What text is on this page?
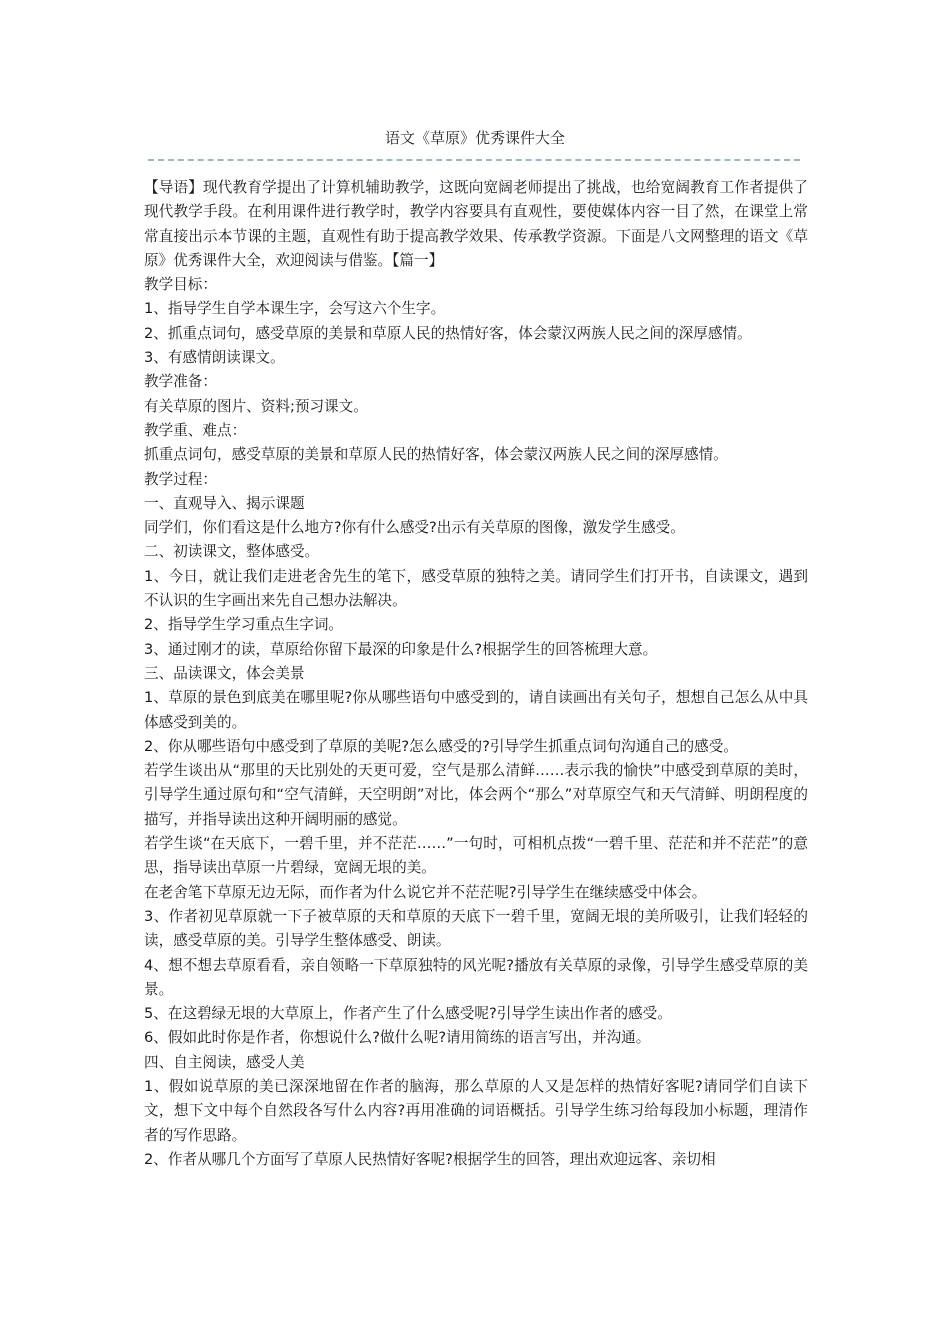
语文《草原》优秀课件大全

【导语】现代教育学提出了计算机辅助教学，这既向宽阔老师提出了挑战，也给宽阔教育工作者提供了现代教学手段。在利用课件进行教学时，教学内容要具有直观性，要使媒体内容一目了然，在课堂上常常直接出示本节课的主题，直观性有助于提高教学效果、传承教学资源。下面是八文网整理的语文《草原》优秀课件大全，欢迎阅读与借鉴。【篇一】

教学目标：

1、指导学生自学本课生字，会写这六个生字。

2、抓重点词句，感受草原的美景和草原人民的热情好客，体会蒙汉两族人民之间的深厚感情。

3、有感情朗读课文。

教学准备：

有关草原的图片、资料;预习课文。

教学重、难点：

抓重点词句，感受草原的美景和草原人民的热情好客，体会蒙汉两族人民之间的深厚感情。

教学过程：

一、直观导入、揭示课题

同学们，你们看这是什么地方?你有什么感受?出示有关草原的图像，激发学生感受。

二、初读课文，整体感受。

1、今日，就让我们走进老舍先生的笔下，感受草原的独特之美。请同学生们打开书，自读课文，遇到不认识的生字画出来先自己想办法解决。

2、指导学生学习重点生字词。

3、通过刚才的读，草原给你留下最深的印象是什么?根据学生的回答梳理大意。

三、品读课文，体会美景

1、草原的景色到底美在哪里呢?你从哪些语句中感受到的，请自读画出有关句子，想想自己怎么从中具体感受到美的。

2、你从哪些语句中感受到了草原的美呢?怎么感受的?引导学生抓重点词句沟通自己的感受。

若学生谈出从“那里的天比别处的天更可爱，空气是那么清鲜……表示我的愉快”中感受到草原的美时，引导学生通过原句和“空气清鲜，天空明朗”对比，体会两个“那么”对草原空气和天气清鲜、明朗程度的描写，并指导读出这种开阔明丽的感觉。

若学生谈“在天底下，一碧千里，并不茫茫……”一句时，可相机点拨“一碧千里、茫茫和并不茫茫”的意思，指导读出草原一片碧绿，宽阔无垠的美。

在老舍笔下草原无边无际，而作者为什么说它并不茫茫呢?引导学生在继续感受中体会。

3、作者初见草原就一下子被草原的天和草原的天底下一碧千里，宽阔无垠的美所吸引，让我们轻轻的读，感受草原的美。引导学生整体感受、朗读。

4、想不想去草原看看，亲自领略一下草原独特的风光呢?播放有关草原的录像，引导学生感受草原的美景。

5、在这碧绿无垠的大草原上，作者产生了什么感受呢?引导学生读出作者的感受。

6、假如此时你是作者，你想说什么?做什么呢?请用简练的语言写出，并沟通。

四、自主阅读，感受人美

1、假如说草原的美已深深地留在作者的脑海，那么草原的人又是怎样的热情好客呢?请同学们自读下文，想下文中每个自然段各写什么内容?再用准确的词语概括。引导学生练习给每段加小标题，理清作者的写作思路。

2、作者从哪几个方面写了草原人民热情好客呢?根据学生的回答，理出欢迎远客、亲切相
